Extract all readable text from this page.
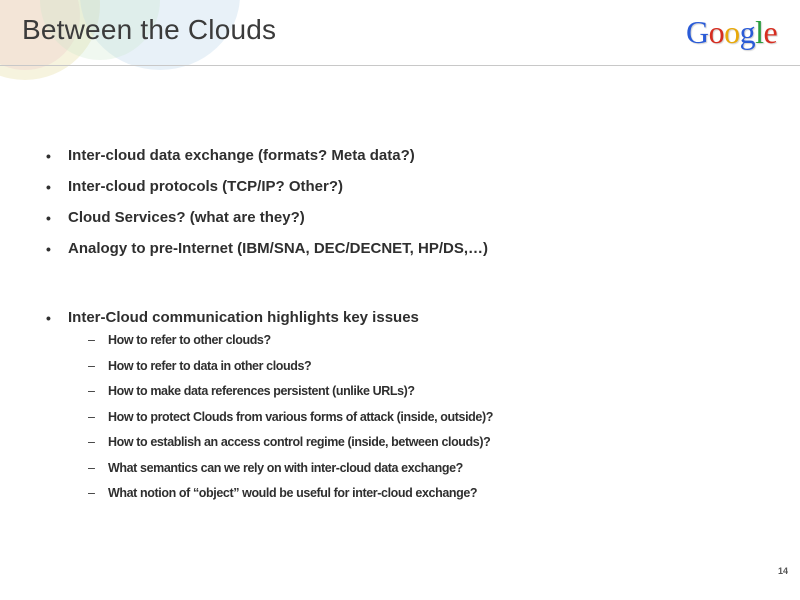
Between the Clouds	Google
•	Inter-cloud data exchange (formats? Meta data?)
•	Inter-cloud protocols (TCP/IP? Other?)
•	Cloud Services? (what are they?)
•	Analogy to pre-Internet (IBM/SNA, DEC/DECNET, HP/DS,…)
•	Inter-Cloud communication highlights key issues
– How to refer to other clouds?
– How to refer to data in other clouds?
– How to make data references persistent (unlike URLs)?
– How to protect Clouds from various forms of attack (inside, outside)?
– How to establish an access control regime (inside, between clouds)?
– What semantics can we rely on with inter-cloud data exchange?
– What notion of “object” would be useful for inter-cloud exchange?
14
